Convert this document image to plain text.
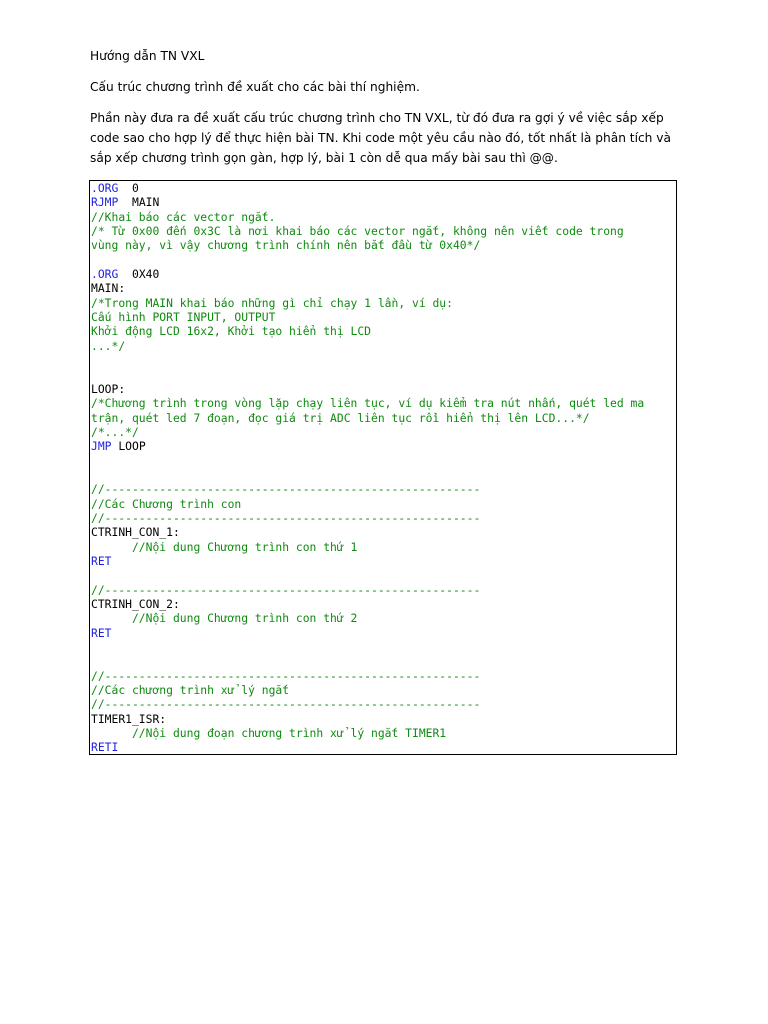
Hướng dẫn TN VXL

Cấu trúc chương trình đề xuất cho các bài thí nghiệm.

Phần này đưa ra đề xuất cấu trúc chương trình cho TN VXL, từ đó đưa ra gợi ý về việc sắp xếp
code sao cho hợp lý để thực hiện bài TN. Khi code một yêu cầu nào đó, tốt nhất là phân tích và
sắp xếp chương trình gọn gàn, hợp lý, bài 1 còn dễ qua mấy bài sau thì @@.

.ORG  0
RJMP  MAIN
//Khai báo các vector ngắt.
/* Từ 0x00 đến 0x3C là nơi khai báo các vector ngắt, không nên viết code trong
vùng này, vì vậy chương trình chính nên bắt đầu từ 0x40*/

.ORG  0X40
MAIN:
/*Trong MAIN khai báo những gì chỉ chạy 1 lần, ví dụ:
Cấu hình PORT INPUT, OUTPUT
Khởi động LCD 16x2, Khởi tạo hiển thị LCD
...*/

LOOP:
/*Chương trình trong vòng lặp chạy liên tục, ví dụ kiểm tra nút nhấn, quét led ma
trận, quét led 7 đoạn, đọc giá trị ADC liên tục rồi hiển thị lên LCD...*/
/*...*/
JMP LOOP

//-------------------------------------------------------
//Các Chương trình con
//-------------------------------------------------------
CTRINH_CON_1:
//Nội dung Chương trình con thứ 1
RET

//-------------------------------------------------------
CTRINH_CON_2:
//Nội dung Chương trình con thứ 2
RET

//-------------------------------------------------------
//Các chương trình xử lý ngắt
//-------------------------------------------------------
TIMER1_ISR:
//Nội dung đoạn chương trình xử lý ngắt TIMER1
RETI
